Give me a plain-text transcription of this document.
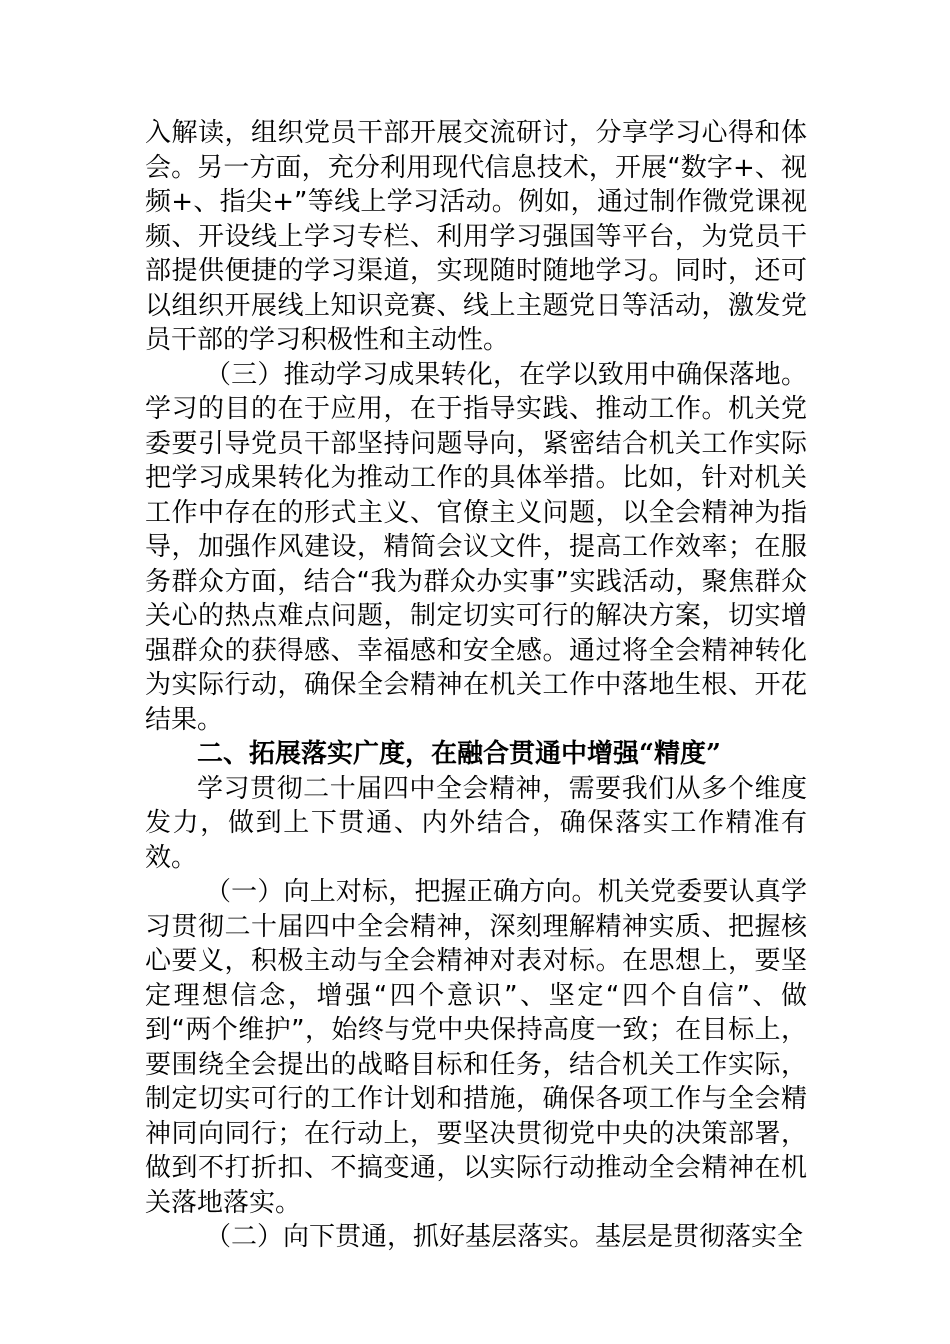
入解读，组织党员干部开展交流研讨，分享学习心得和体会。另一方面，充分利用现代信息技术，开展“数字+、视频+、指尖+”等线上学习活动。例如，通过制作微党课视频、开设线上学习专栏、利用学习强国等平台，为党员干部提供便捷的学习渠道，实现随时随地学习。同时，还可以组织开展线上知识竞赛、线上主题党日等活动，激发党员干部的学习积极性和主动性。

（三）推动学习成果转化，在学以致用中确保落地。学习的目的在于应用，在于指导实践、推动工作。机关党委要引导党员干部坚持问题导向，紧密结合机关工作实际把学习成果转化为推动工作的具体举措。比如，针对机关工作中存在的形式主义、官僚主义问题，以全会精神为指导，加强作风建设，精简会议文件，提高工作效率；在服务群众方面，结合“我为群众办实事”实践活动，聚焦群众关心的热点难点问题，制定切实可行的解决方案，切实增强群众的获得感、幸福感和安全感。通过将全会精神转化为实际行动，确保全会精神在机关工作中落地生根、开花结果。

二、拓展落实广度，在融合贯通中增强“精度”

学习贯彻二十届四中全会精神，需要我们从多个维度发力，做到上下贯通、内外结合，确保落实工作精准有效。

（一）向上对标，把握正确方向。机关党委要认真学习贯彻二十届四中全会精神，深刻理解精神实质、把握核心要义，积极主动与全会精神对表对标。在思想上，要坚定理想信念，增强“四个意识”、坚定“四个自信”、做到“两个维护”，始终与党中央保持高度一致；在目标上，要围绕全会提出的战略目标和任务，结合机关工作实际，制定切实可行的工作计划和措施，确保各项工作与全会精神同向同行；在行动上，要坚决贯彻党中央的决策部署，做到不打折扣、不搞变通，以实际行动推动全会精神在机关落地落实。

（二）向下贯通，抓好基层落实。基层是贯彻落实全
